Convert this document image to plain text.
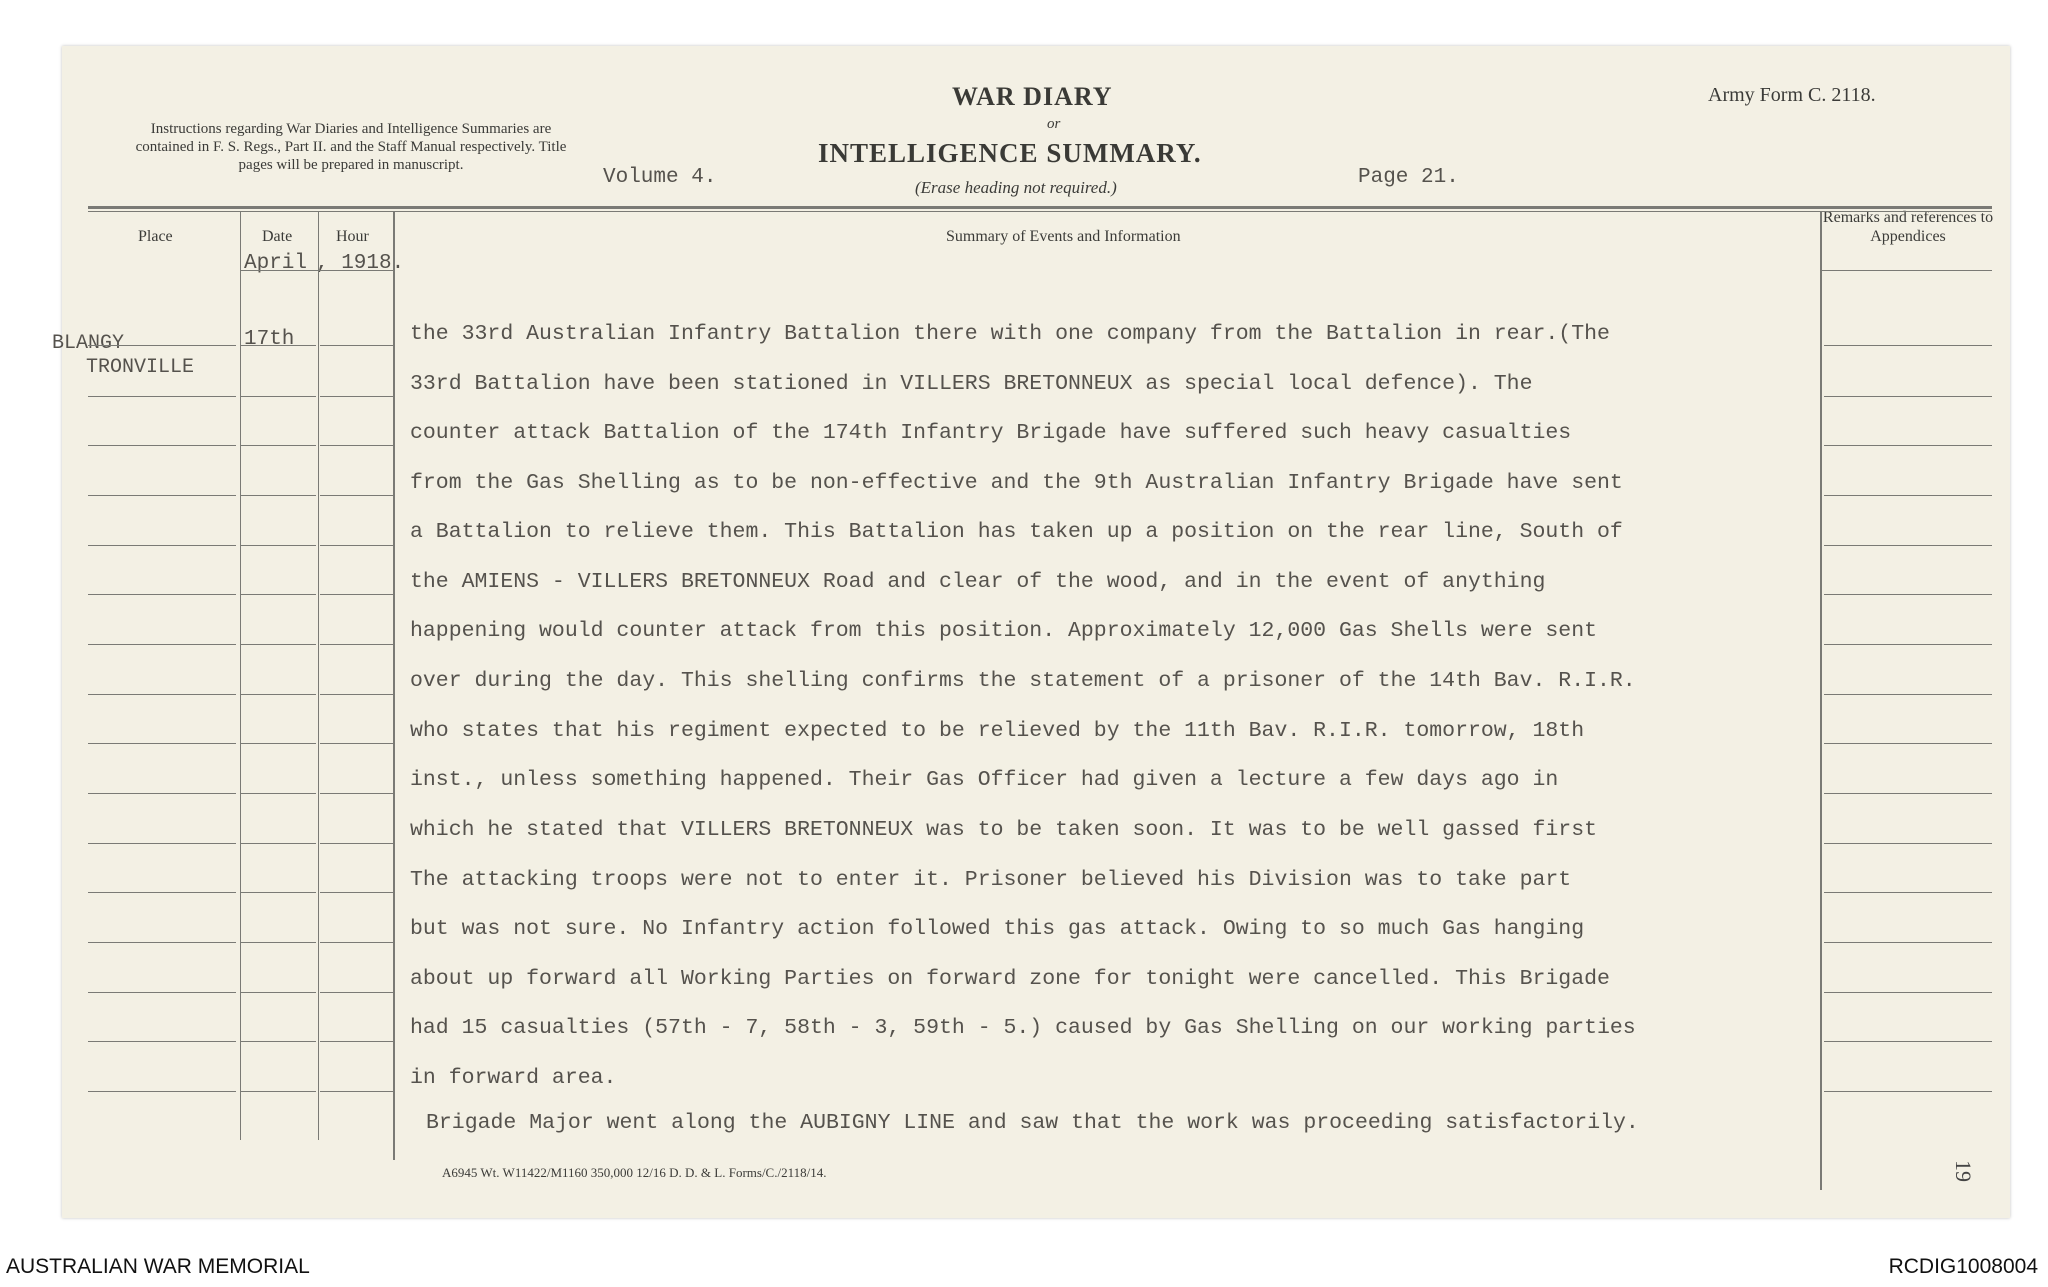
Instructions regarding War Diaries and Intelligence Summaries are contained in F. S. Regs., Part II. and the Staff Manual respectively. Title pages will be prepared in manuscript.
WAR DIARY
or
INTELLIGENCE SUMMARY.
(Erase heading not required.)
Army Form C. 2118.
Volume 4.	Page 21.
Place	Date	Hour	Summary of Events and Information
Remarks and references to Appendices
April , 1918.
BLANGY
TRONVILLE
17th	the 33rd Australian Infantry Battalion there with one company from the Battalion in rear.(The
33rd Battalion have been stationed in VILLERS BRETONNEUX as special local defence). The
counter attack Battalion of the 174th Infantry Brigade have suffered such heavy casualties
from the Gas Shelling as to be non-effective and the 9th Australian Infantry Brigade have sent
a Battalion to relieve them. This Battalion has taken up a position on the rear line, South of
the AMIENS - VILLERS BRETONNEUX Road and clear of the wood, and in the event of anything
happening would counter attack from this position. Approximately 12,000 Gas Shells were sent
over during the day. This shelling confirms the statement of a prisoner of the 14th Bav. R.I.R.
who states that his regiment expected to be relieved by the 11th Bav. R.I.R. tomorrow, 18th
inst., unless something happened. Their Gas Officer had given a lecture a few days ago in
which he stated that VILLERS BRETONNEUX was to be taken soon. It was to be well gassed first
The attacking troops were not to enter it. Prisoner believed his Division was to take part
but was not sure. No Infantry action followed this gas attack. Owing to so much Gas hanging
about up forward all Working Parties on forward zone for tonight were cancelled. This Brigade
had 15 casualties (57th - 7, 58th - 3, 59th - 5.) caused by Gas Shelling on our working parties
in forward area.
Brigade Major went along the AUBIGNY LINE and saw that the work was proceeding satisfactorily.
A6945 Wt. W11422/M1160 350,000 12/16 D. D. & L. Forms/C./2118/14.	19
AUSTRALIAN WAR MEMORIAL	RCDIG1008004
